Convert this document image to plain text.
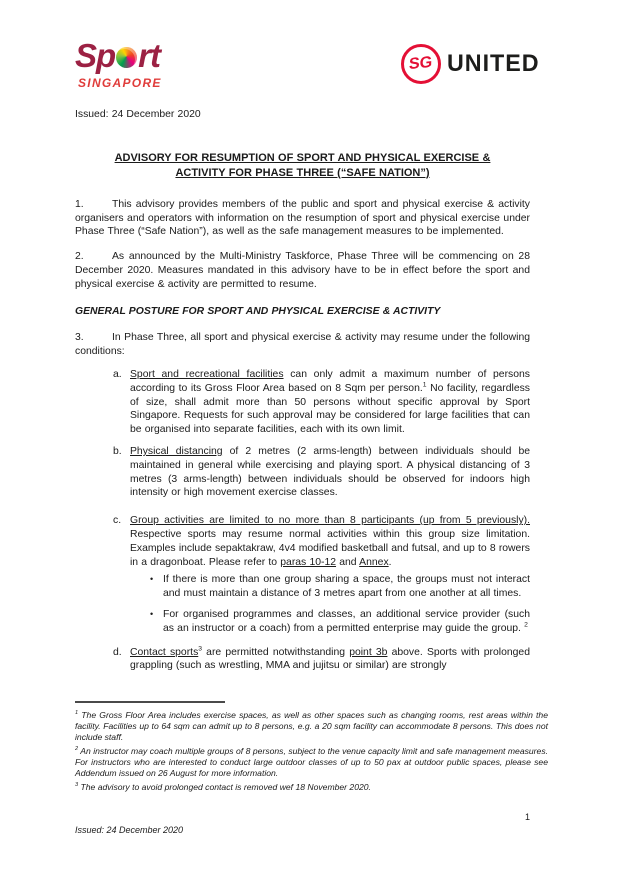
Sp rt
SINGAPORE
SG UNITED

Issued: 24 December 2020

ADVISORY FOR RESUMPTION OF SPORT AND PHYSICAL EXERCISE &
ACTIVITY FOR PHASE THREE (“SAFE NATION”)

1.	This advisory provides members of the public and sport and physical exercise & activity organisers and operators with information on the resumption of sport and physical exercise under Phase Three (“Safe Nation”), as well as the safe management measures to be implemented.

2.	As announced by the Multi-Ministry Taskforce, Phase Three will be commencing on 28 December 2020. Measures mandated in this advisory have to be in effect before the sport and physical exercise & activity are permitted to resume.

GENERAL POSTURE FOR SPORT AND PHYSICAL EXERCISE & ACTIVITY

3.	In Phase Three, all sport and physical exercise & activity may resume under the following conditions:

a. Sport and recreational facilities can only admit a maximum number of persons according to its Gross Floor Area based on 8 Sqm per person.$^1$ No facility, regardless of size, shall admit more than 50 persons without specific approval by Sport Singapore. Requests for such approval may be considered for large facilities that can be organised into separate facilities, each with its own limit.
b. Physical distancing of 2 metres (2 arms-length) between individuals should be maintained in general while exercising and playing sport. A physical distancing of 3 metres (3 arms-length) between individuals should be observed for indoors high intensity or high movement exercise classes.
c. Group activities are limited to no more than 8 participants (up from 5 previously). Respective sports may resume normal activities within this group size limitation. Examples include sepaktakraw, 4v4 modified basketball and futsal, and up to 8 rowers in a dragonboat. Please refer to paras 10-12 and Annex.
• If there is more than one group sharing a space, the groups must not interact and must maintain a distance of 3 metres apart from one another at all times.
• For organised programmes and classes, an additional service provider (such as an instructor or a coach) from a permitted enterprise may guide the group. $^2$
d. Contact sports$^3$ are permitted notwithstanding point 3b above. Sports with prolonged grappling (such as wrestling, MMA and jujitsu or similar) are strongly

$^1$ The Gross Floor Area includes exercise spaces, as well as other spaces such as changing rooms, rest areas within the facility. Facilities up to 64 sqm can admit up to 8 persons, e.g. a 20 sqm facility can accommodate 8 persons. This does not include staff.

$^2$ An instructor may coach multiple groups of 8 persons, subject to the venue capacity limit and safe management measures. For instructors who are interested to conduct large outdoor classes of up to 50 pax at outdoor public spaces, please see Addendum issued on 26 August for more information.

$^3$ The advisory to avoid prolonged contact is removed wef 18 November 2020.

1
Issued: 24 December 2020
